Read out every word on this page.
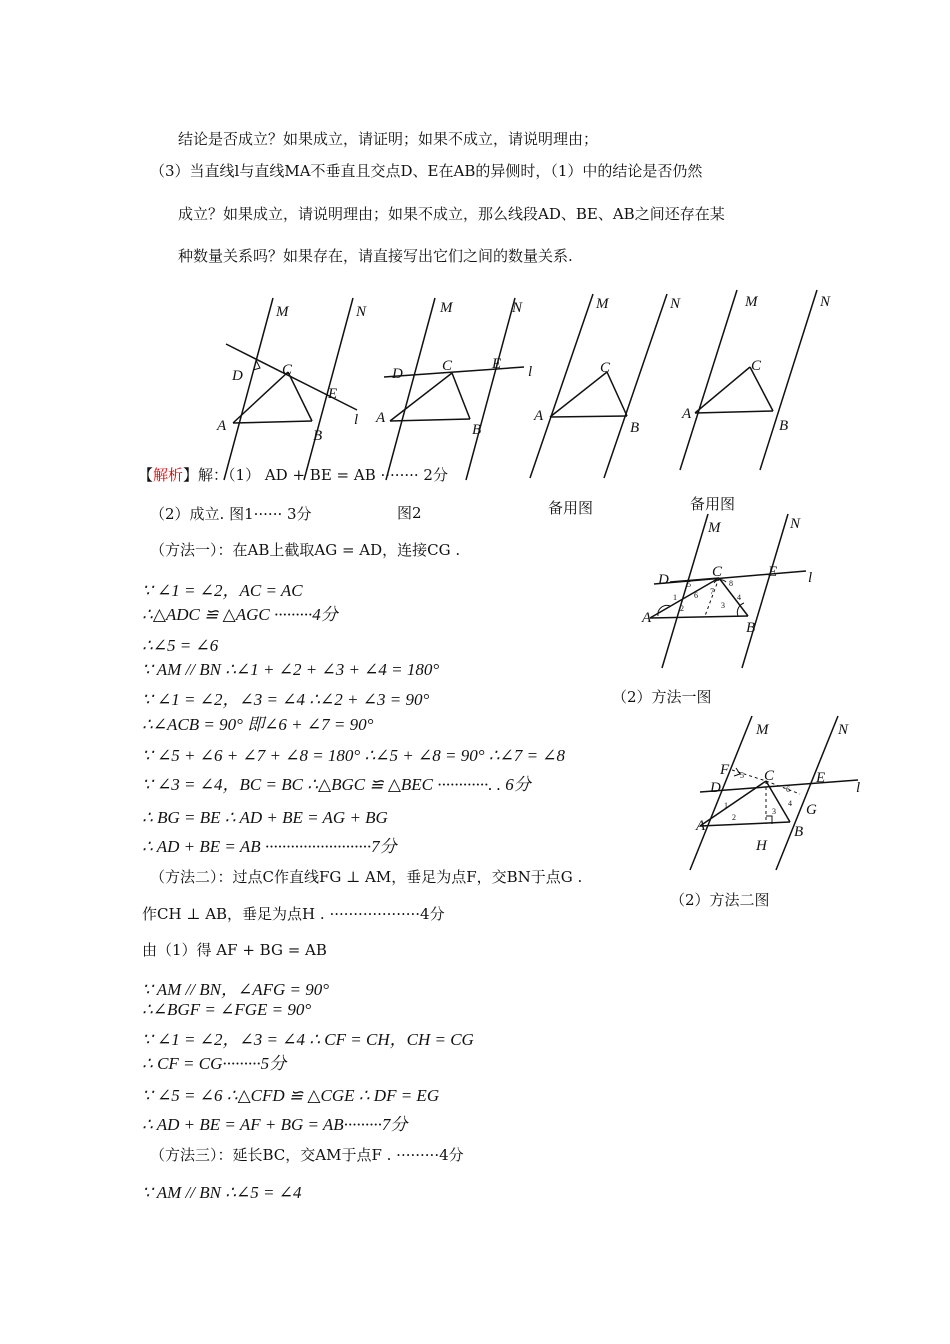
结论是否成立？如果成立，请证明；如果不成立，请说明理由；
（3）当直线l与直线MA不垂直且交点D、E在AB的异侧时，（1）中的结论是否仍然
成立？如果成立，请说明理由；如果不成立，那么线段AD、BE、AB之间还存在某
种数量关系吗？如果存在，请直接写出它们之间的数量关系.
M	N
D	C
E
l
A
B
M	N
D	C	E l
A
B
M	N
C
A
B
M	N
C
A
B
图2	备用图	备用图
M	N
D	C	E l
A
B
1
2	3
4
5
6 7
8
（2）方法一图
M	N
F
D
C	E
l
G
A	B
H
1
2
3
4
5
6
（2）方法二图
【解析】解：（1） AD + BE = AB ········ 2分
（2）成立. 图1······ 3分
（方法一）：在AB上截取AG = AD，连接CG .
∵ ∠1 = ∠2，AC = AC
∴△ADC ≌ △AGC ·········4分
∴∠5 = ∠6
∵ AM // BN ∴∠1 + ∠2 + ∠3 + ∠4 = 180°
∵ ∠1 = ∠2，∠3 = ∠4 ∴∠2 + ∠3 = 90°
∴∠ACB = 90° 即∠6 + ∠7 = 90°
∵ ∠5 + ∠6 + ∠7 + ∠8 = 180° ∴∠5 + ∠8 = 90° ∴∠7 = ∠8
∵ ∠3 = ∠4，BC = BC ∴△BGC ≌ △BEC ············. . 6分
∴ BG = BE ∴ AD + BE = AG + BG
∴ AD + BE = AB ·························7分
（方法二）：过点C作直线FG ⊥ AM，垂足为点F，交BN于点G .
作CH ⊥ AB，垂足为点H . ···················4分
由（1）得 AF + BG = AB
∵ AM // BN，∠AFG = 90°
∴∠BGF = ∠FGE = 90°
∵ ∠1 = ∠2，∠3 = ∠4 ∴ CF = CH，CH = CG
∴ CF = CG·········5分
∵ ∠5 = ∠6 ∴△CFD ≌ △CGE ∴ DF = EG
∴ AD + BE = AF + BG = AB·········7分
（方法三）：延长BC，交AM于点F . ·········4分
∵ AM // BN ∴∠5 = ∠4
